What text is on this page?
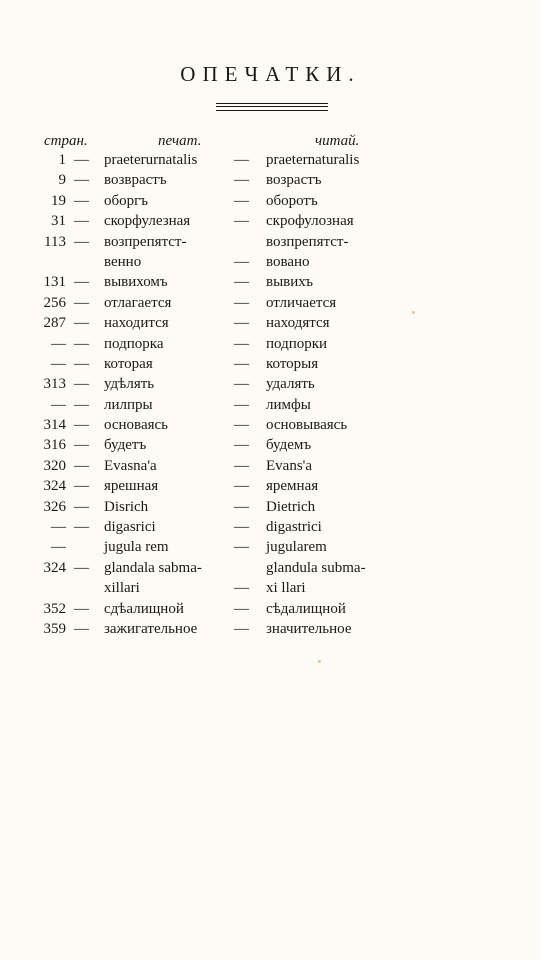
ОПЕЧАТКИ.
стран.	печат.	читай.
1 — praeterurnatalis — praeternaturalis
9 — возврастъ	— возрастъ
19 — оборгъ	— оборотъ
31 — скорфулезная	— скрофулозная
113 — возпрепятст-	возпрепятст-
венно	— вовано
131 — вывихомъ	— вывихъ
256 — отлагается	— отличается
287 — находится	— находятся
— — подпорка	— подпорки
— — которая	— которыя
313 — удѣлять	— удалять
— — лилпры	— лимфы
314 — основаясь	— основываясь
316 — будетъ	— будемъ
320 — Evasna'a	— Evans'a
324 — ярешная	— яремная
326 — Disrich	— Dietrich
— — digasrici	— digastrici
—	jugula rem	— jugularem
324 — glandala sabma-	glandula subma-
xillari	— xi llari
352 — сдѣалищной	— сѣдалищной
359 — зажигательное — значительное
